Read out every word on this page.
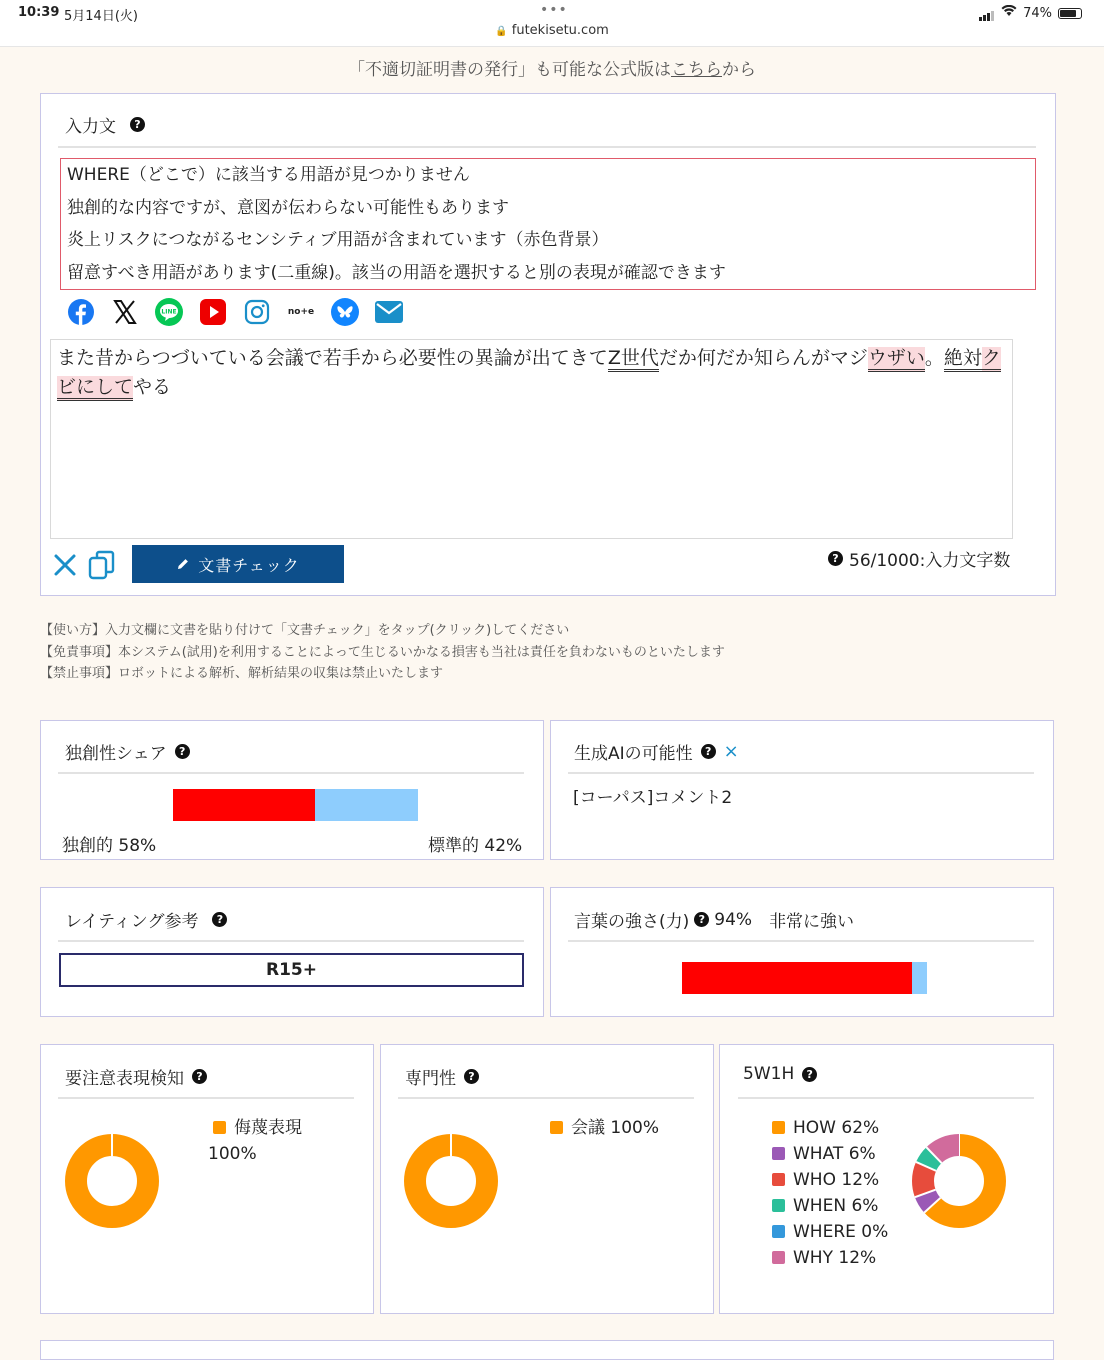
10:39 5月14日(火)	•••
🔒 futekisetu.com
74%
「不適切証明書の発行」も可能な公式版はこちらから
入力文	?
WHERE（どこで）に該当する用語が見つかりません
独創的な内容ですが、意図が伝わらない可能性もあります
炎上リスクにつながるセンシティブ用語が含まれています（赤色背景）
留意すべき用語があります(二重線)。該当の用語を選択すると別の表現が確認できます
LINE	no+e
また昔からつづいている会議で若手から必要性の異論が出てきてZ世代だか何だか知らんがマジウザい。絶対クビにしてやる
文書チェック	? 56/1000:入力文字数
【使い方】入力文欄に文書を貼り付けて「文書チェック」をタップ(クリック)してください
【免責事項】本システム(試用)を利用することによって生じるいかなる損害も当社は責任を負わないものといたします
【禁止事項】ロボットによる解析、解析結果の収集は禁止いたします
独創性シェア	?
独創的 58%	標準的 42%
生成AIの可能性	? ×
[コーパス]コメント2
レイティング参考	?
R15+
言葉の強さ(力) ? 94% 非常に強い
要注意表現検知	?
侮蔑表現
100%
専門性	?
会議 100%
5W1H	?
HOW 62%
WHAT 6%
WHO 12%
WHEN 6%
WHERE 0%
WHY 12%
